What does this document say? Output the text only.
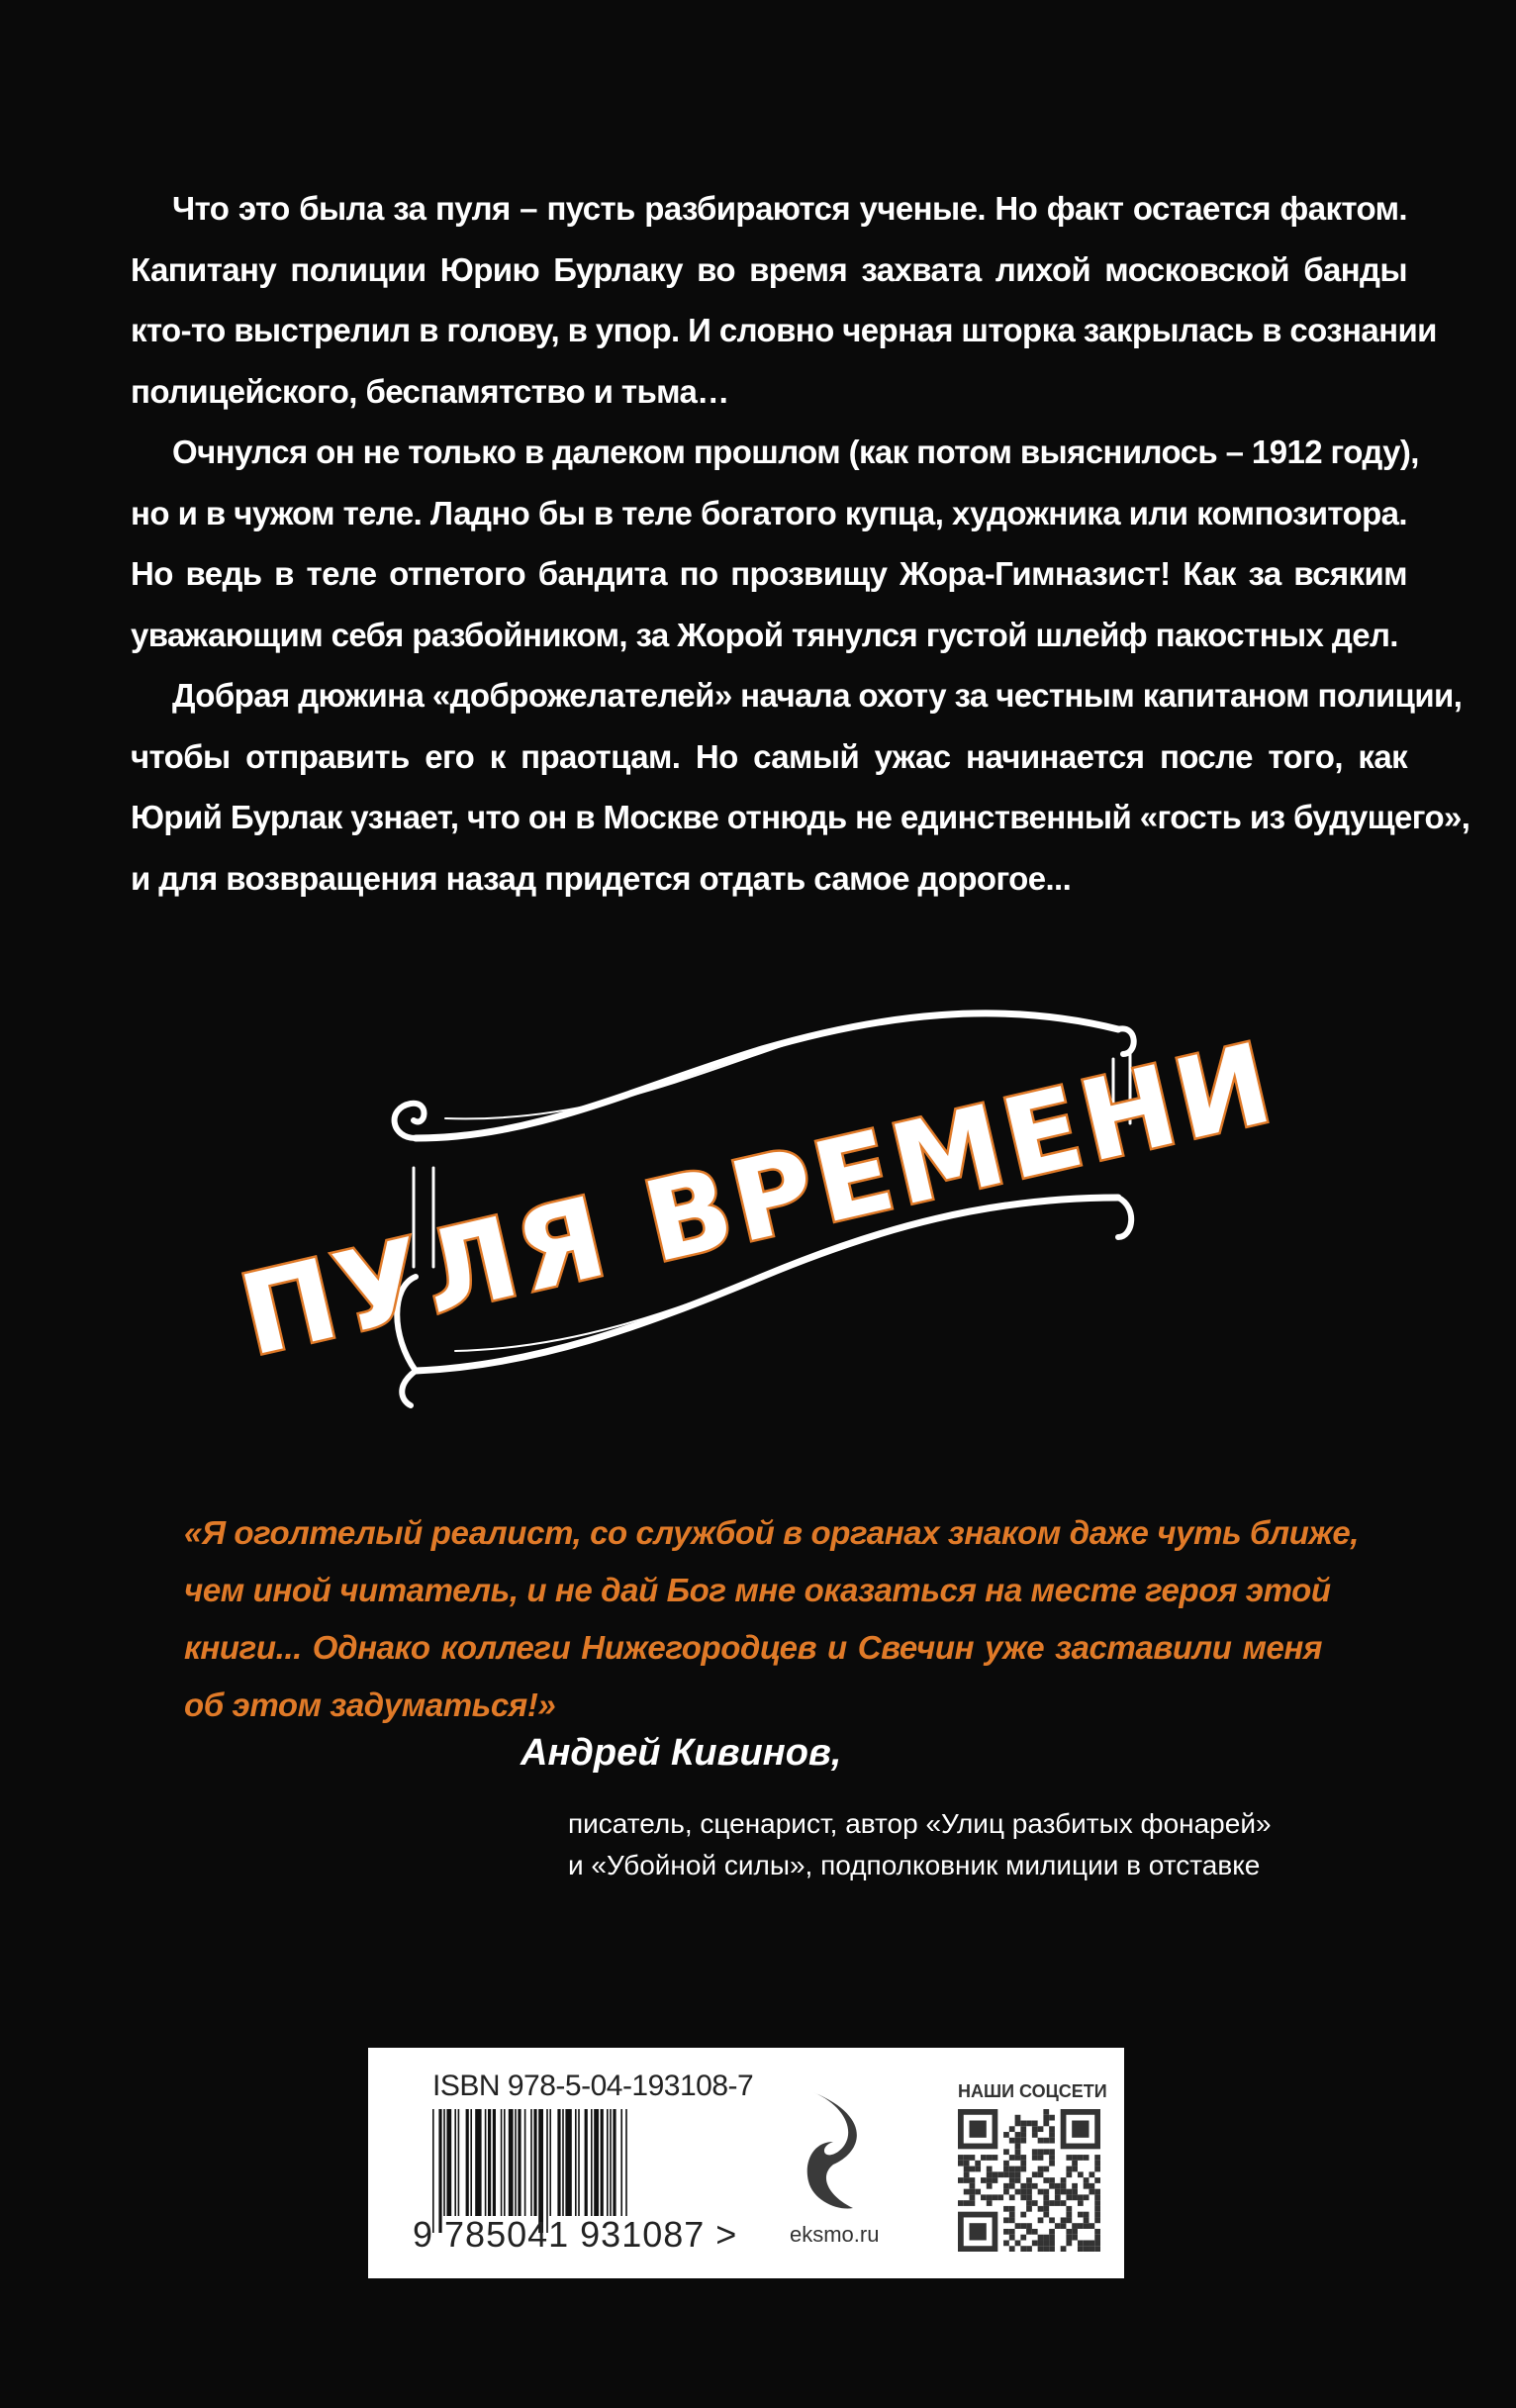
Что это была за пуля – пусть разбираются ученые. Но факт остается фактом.
Капитану полиции Юрию Бурлаку во время захвата лихой московской банды
кто-то выстрелил в голову, в упор. И словно черная шторка закрылась в сознании
полицейского, беспамятство и тьма…
Очнулся он не только в далеком прошлом (как потом выяснилось – 1912 году),
но и в чужом теле. Ладно бы в теле богатого купца, художника или композитора.
Но ведь в теле отпетого бандита по прозвищу Жора-Гимназист! Как за всяким
уважающим себя разбойником, за Жорой тянулся густой шлейф пакостных дел.
Добрая дюжина «доброжелателей» начала охоту за честным капитаном полиции,
чтобы отправить его к праотцам. Но самый ужас начинается после того, как
Юрий Бурлак узнает, что он в Москве отнюдь не единственный «гость из будущего»,
и для возвращения назад придется отдать самое дорогое...
ПУЛЯ ВРЕМЕНИ
«Я оголтелый реалист, со службой в органах знаком даже чуть ближе,
чем иной читатель, и не дай Бог мне оказаться на месте героя этой
книги... Однако коллеги Нижегородцев и Свечин уже заставили меня
об этом задуматься!»
Андрей Кивинов,
писатель, сценарист, автор «Улиц разбитых фонарей»
и «Убойной силы», подполковник милиции в отставке
ISBN 978-5-04-193108-7
9 785041 931087 > eksmo.ru
НАШИ СОЦСЕТИ
